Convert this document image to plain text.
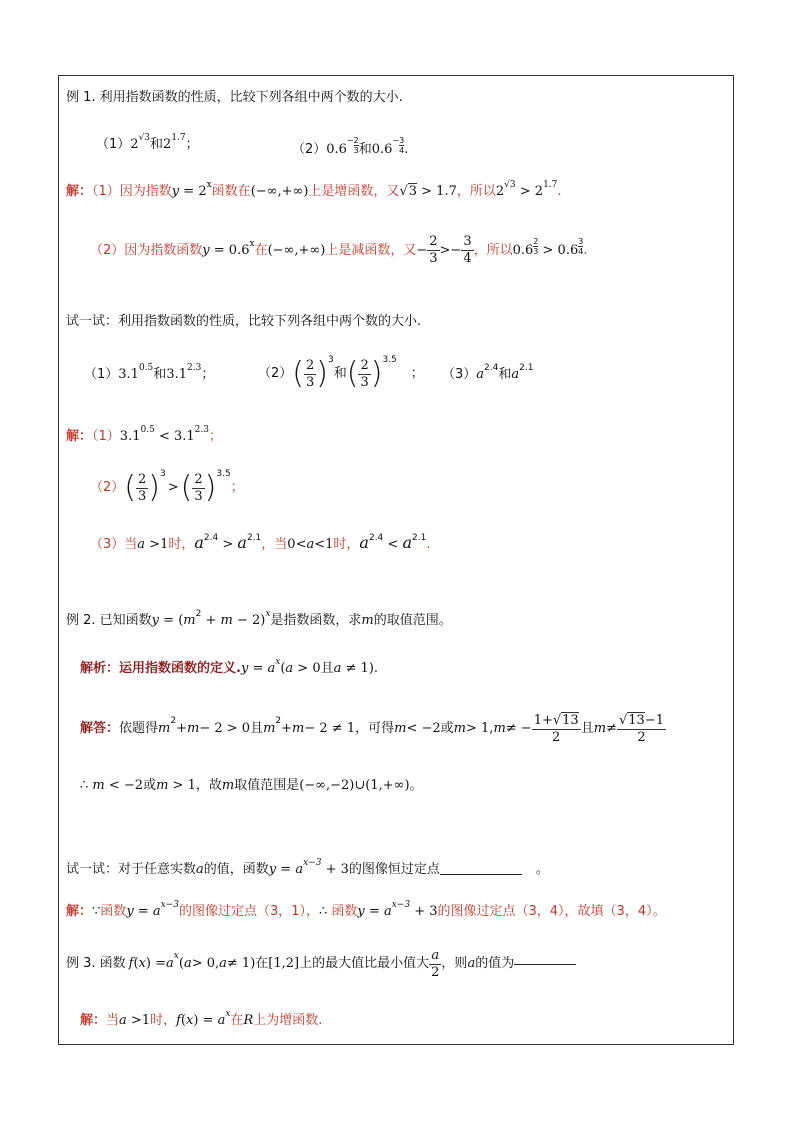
例 1. 利用指数函数的性质，比较下列各组中两个数的大小.
$(1)2^{√3}$和$2^{1.7}$；	（2）0.6
− $\frac{2}{3}$ 和0.6
− $\frac{3}{4}$ .
解：（1）因为指数$y = 2^x$函数在(−∞,+∞)上是增函数，又√3 > 1.7，所以$2^{√3} > 2^{1.7}$.
（2）因为指数函数$y = 0.6^x$在(−∞,+∞)上是减函数，又− $\frac{2}{3} >- \frac{3}{4}$ ，所以$0.6 \frac{2}{3} > 0.6 \frac{3}{4}$ .
试一试：利用指数函数的性质，比较下列各组中两个数的大小.
$(1)3.1^{0.5}$和$3.1^{2.3}$；	（2） ( $\frac{2}{3}$ ) 3
和 ( $\frac{2}{3}$ ) 3.5
； $(3)a^{2.4}$和$a^{2.1}$
解：$(1)3.1^{0.5} < 3.1^{2.3}$；
（2） ( $\frac{2}{3}$ ) 3
> ( $\frac{2}{3}$ ) 3.5
；
（3）当a >1时，$a^{2.4} > a^{2.1}$，当0<a<1时，$a^{2.4} < a^{2.1}$.
例 2. 已知函数$y = (m^2 + m - 2)^x$是指数函数，求m的取值范围。
解析：运用指数函数的定义$.y = a^x(a > 0$且a ≠ 1).
解答： 依题得 m 2 + m − 2 > 0 且 m 2 + m − 2 ≠ 1 ，可得 m < −2 或 m > 1, m ≠ − $\frac{1+√13}{2}$ 且 $m \ne \frac{√13-1}{2}$
∴ m < −2或m > 1，故m取值范围是(−∞,−2)∪(1,+∞)。
试一试：对于任意实数a的值，函数$y = a^{x-3} + 3$的图像恒过定点	。
解：∵函数$y = a^{x-3}$的图像过定点（3，1），∴ 函数$y = a^{x-3} + 3$的图像过定点（3，4），故填（3，4）。
例 3. 函数 f ( x ) = a x ( a > 0, a ≠ 1) 在 [1,2] 上的最大值比最小值大 $\frac{a}{2}$ ，则 a 的值为
解：当a >1时，$f(x) = a^x$在R上为增函数.
